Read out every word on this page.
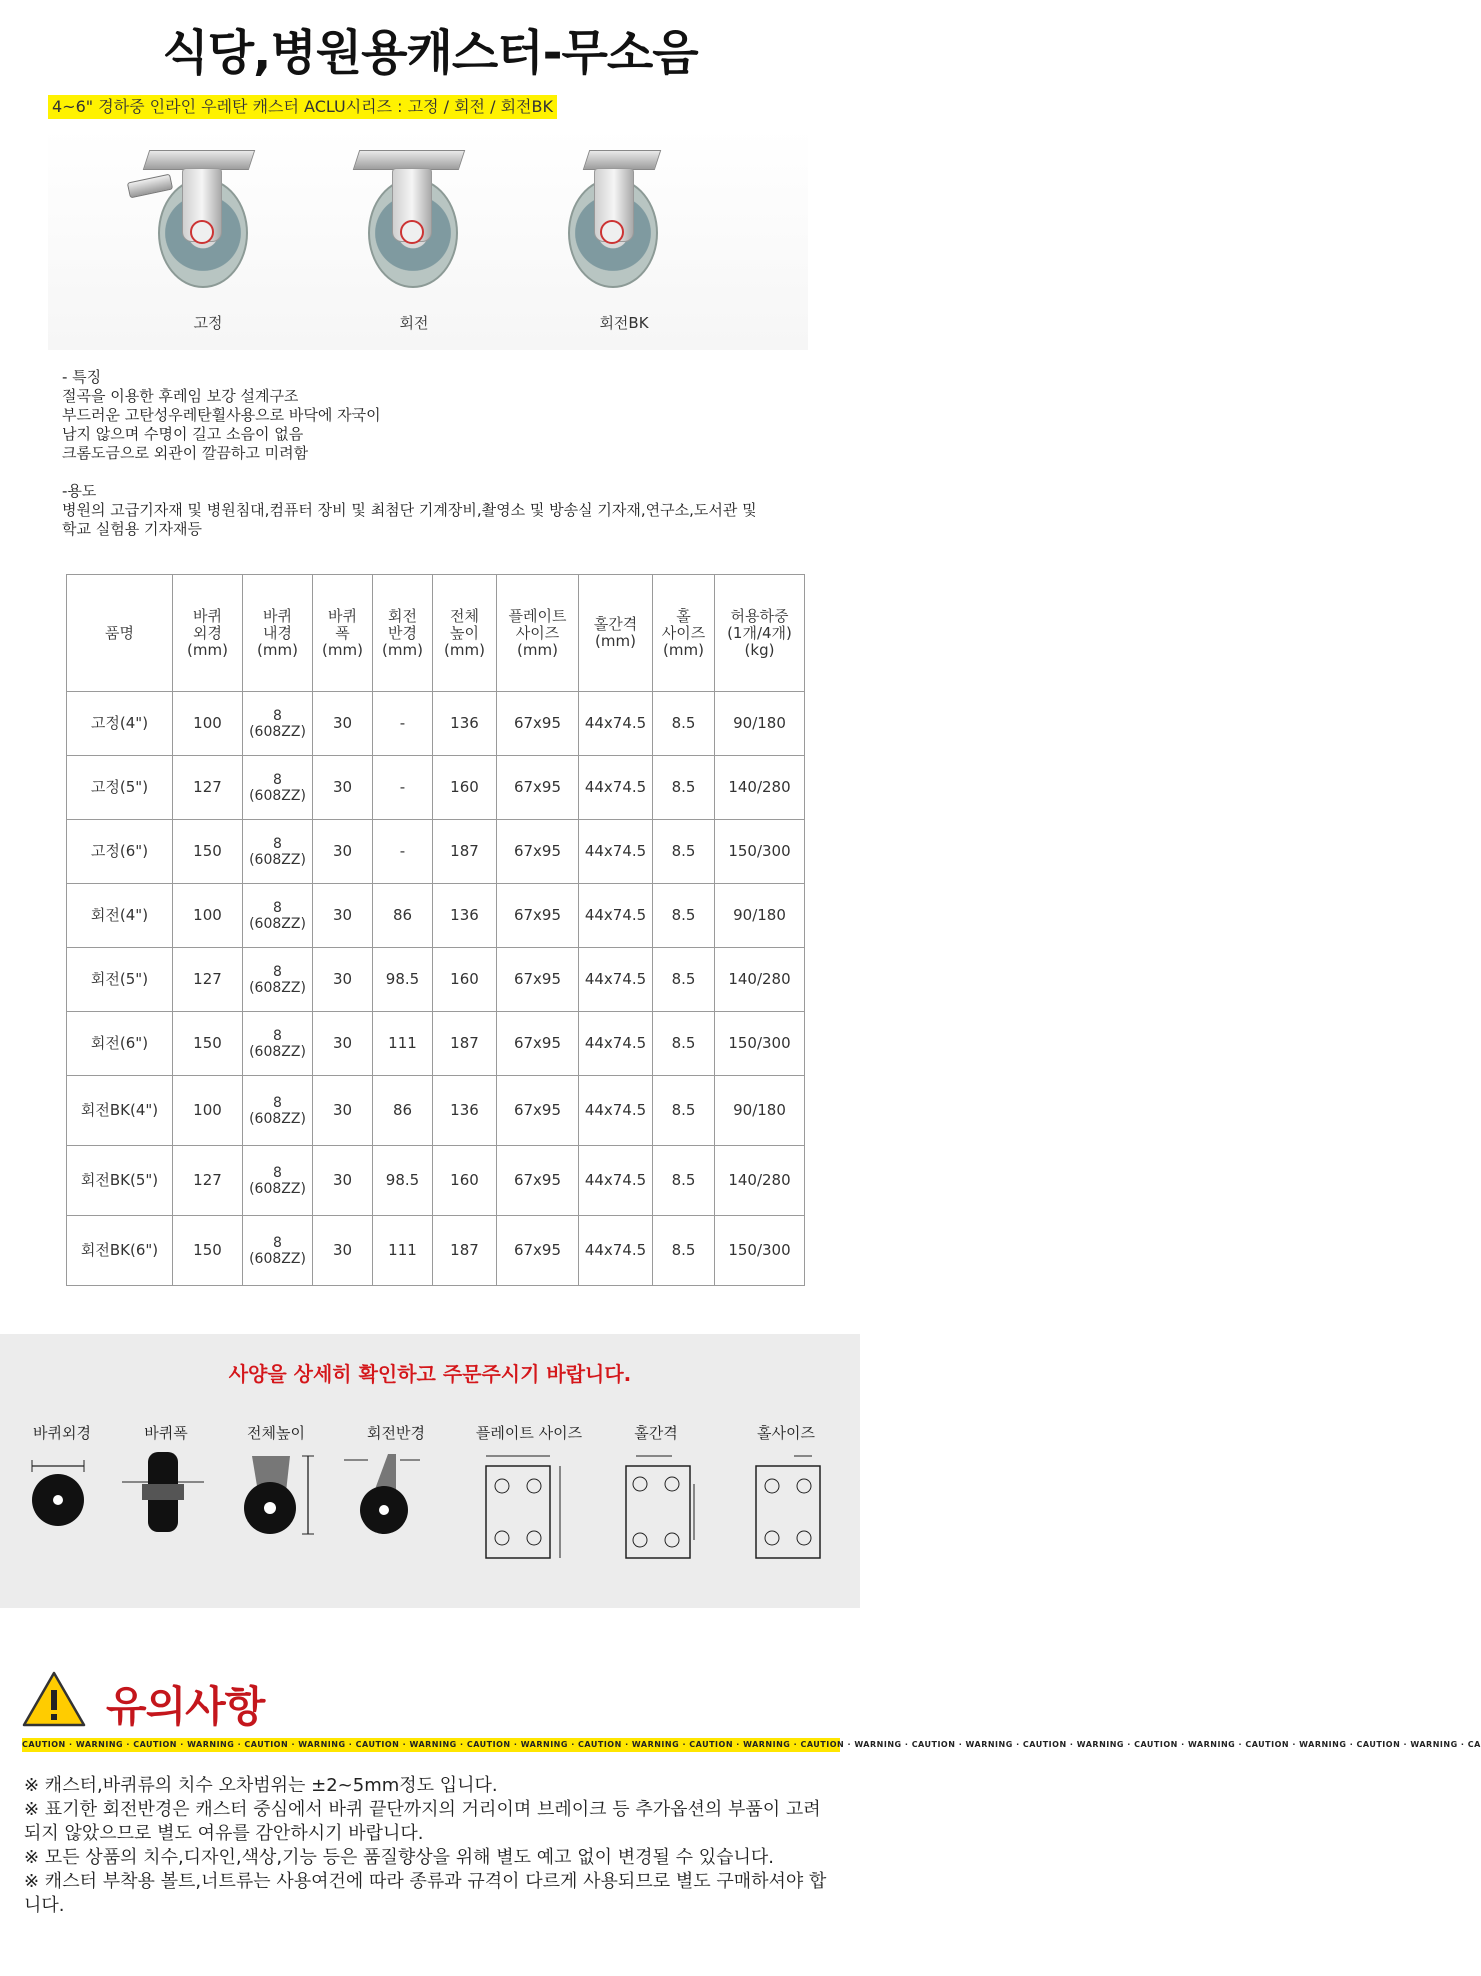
식당,병원용캐스터-무소음
4~6" 경하중 인라인 우레탄 캐스터 ACLU시리즈 : 고정 / 회전 / 회전BK
고정	회전	회전BK

- 특징

절곡을 이용한 후레임 보강 설계구조

부드러운 고탄성우레탄휠사용으로 바닥에 자국이

남지 않으며 수명이 길고 소음이 없음

크롬도금으로 외관이 깔끔하고 미려함

-용도

병원의 고급기자재 및 병원침대,컴퓨터 장비 및 최첨단 기계장비,촬영소 및 방송실 기자재,연구소,도서관 및

학교 실험용 기자재등

품명	바퀴
외경
(mm)	바퀴
내경
(mm)	바퀴
폭
(mm)	회전
반경
(mm)	전체
높이
(mm)	플레이트
사이즈
(mm)	홀간격
(mm)	홀
사이즈
(mm)	허용하중
(1개/4개)
(kg)
고정(4")	100	8
(608ZZ)	30	-	136	67x95	44x74.5	8.5	90/180
고정(5")	127	8
(608ZZ)	30	-	160	67x95	44x74.5	8.5	140/280
고정(6")	150	8
(608ZZ)	30	-	187	67x95	44x74.5	8.5	150/300
회전(4")	100	8
(608ZZ)	30	86	136	67x95	44x74.5	8.5	90/180
회전(5")	127	8
(608ZZ)	30	98.5	160	67x95	44x74.5	8.5	140/280
회전(6")	150	8
(608ZZ)	30	111	187	67x95	44x74.5	8.5	150/300
회전BK(4")	100	8
(608ZZ)	30	86	136	67x95	44x74.5	8.5	90/180
회전BK(5")	127	8
(608ZZ)	30	98.5	160	67x95	44x74.5	8.5	140/280
회전BK(6")	150	8
(608ZZ)	30	111	187	67x95	44x74.5	8.5	150/300
사양을 상세히 확인하고 주문주시기 바랍니다.
바퀴외경	바퀴폭	전체높이	회전반경	플레이트 사이즈	홀간격	홀사이즈
유의사항
CAUTION · WARNING · CAUTION · WARNING · CAUTION · WARNING · CAUTION · WARNING · CAUTION · WARNING · CAUTION · WARNING · CAUTION · WARNING · CAUTION · WARNING · CAUTION · WARNING · CAUTION · WARNING · CAUTION · WARNING · CAUTION · WARNING · CAUTION · WARNING · CA

※ 캐스터,바퀴류의 치수 오차범위는 ±2~5mm정도 입니다.

※ 표기한 회전반경은 캐스터 중심에서 바퀴 끝단까지의 거리이며 브레이크 등 추가옵션의 부품이 고려되지 않았으므로 별도 여유를 감안하시기 바랍니다.

※ 모든 상품의 치수,디자인,색상,기능 등은 품질향상을 위해 별도 예고 없이 변경될 수 있습니다.

※ 캐스터 부착용 볼트,너트류는 사용여건에 따라 종류과 규격이 다르게 사용되므로 별도 구매하셔야 합니다.
